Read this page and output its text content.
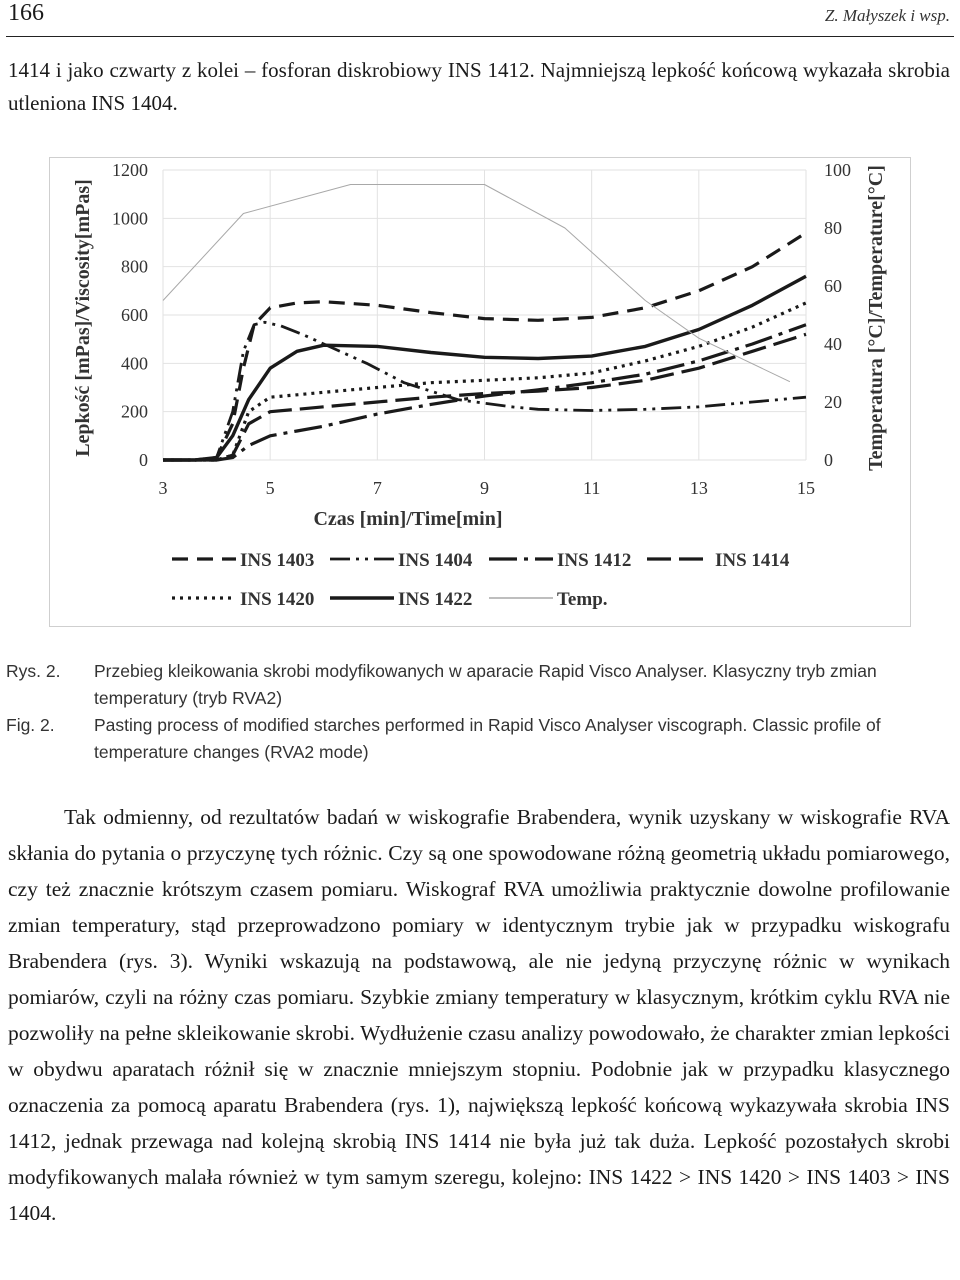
166	Z. Małyszek i wsp.

1414 i jako czwarty z kolei – fosforan diskrobiowy INS 1412. Najmniejszą lepkość końcową wykazała skrobia utleniona INS 1404.

0
200
400
600
800
1000
1200
0
20
40
60
80
100
3	5	7	9	11	13	15
Czas [min]/Time[min]
Lepkość [mPas]/Viscosity[mPas]	Temperatura [°C]/Temperature[°C]
INS 1403	INS 1404	INS 1412	INS 1414
INS 1420	INS 1422	Temp.
Rys. 2.	Przebieg kleikowania skrobi modyfikowanych w aparacie Rapid Visco Analyser. Klasyczny tryb zmian temperatury (tryb RVA2)
Fig. 2.	Pasting process of modified starches performed in Rapid Visco Analyser viscograph. Classic profile of temperature changes (RVA2 mode)

Tak odmienny, od rezultatów badań w wiskografie Brabendera, wynik uzyskany w wiskografie RVA skłania do pytania o przyczynę tych różnic. Czy są one spowodowane różną geometrią układu pomiarowego, czy też znacznie krótszym czasem pomiaru. Wiskograf RVA umożliwia praktycznie dowolne profilowanie zmian temperatury, stąd przeprowadzono pomiary w identycznym trybie jak w przypadku wiskografu Brabendera (rys. 3). Wyniki wskazują na podstawową, ale nie jedyną przyczynę różnic w wynikach pomiarów, czyli na różny czas pomiaru. Szybkie zmiany temperatury w klasycznym, krótkim cyklu RVA nie pozwoliły na pełne skleikowanie skrobi. Wydłużenie czasu analizy powodowało, że charakter zmian lepkości w obydwu aparatach różnił się w znacznie mniejszym stopniu. Podobnie jak w przypadku klasycznego oznaczenia za pomocą aparatu Brabendera (rys. 1), największą lepkość końcową wykazywała skrobia INS 1412, jednak przewaga nad kolejną skrobią INS 1414 nie była już tak duża. Lepkość pozostałych skrobi modyfikowanych malała również w tym samym szeregu, kolejno: INS 1422 > INS 1420 > INS 1403 > INS 1404.
